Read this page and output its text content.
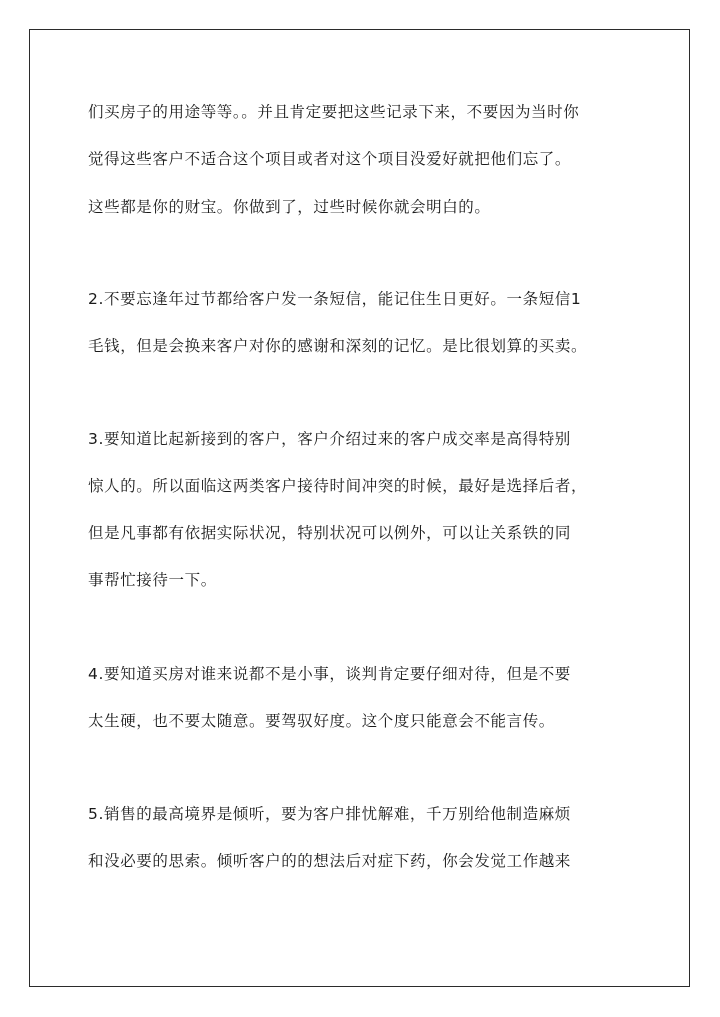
们买房子的用途等等。。并且肯定要把这些记录下来，不要因为当时你
觉得这些客户不适合这个项目或者对这个项目没爱好就把他们忘了。
这些都是你的财宝。你做到了，过些时候你就会明白的。
2.不要忘逢年过节都给客户发一条短信，能记住生日更好。一条短信1
毛钱，但是会换来客户对你的感谢和深刻的记忆。是比很划算的买卖。
3.要知道比起新接到的客户，客户介绍过来的客户成交率是高得特别
惊人的。所以面临这两类客户接待时间冲突的时候，最好是选择后者，
但是凡事都有依据实际状况，特别状况可以例外，可以让关系铁的同
事帮忙接待一下。
4.要知道买房对谁来说都不是小事，谈判肯定要仔细对待，但是不要
太生硬，也不要太随意。要驾驭好度。这个度只能意会不能言传。
5.销售的最高境界是倾听，要为客户排忧解难，千万别给他制造麻烦
和没必要的思索。倾听客户的的想法后对症下药，你会发觉工作越来
